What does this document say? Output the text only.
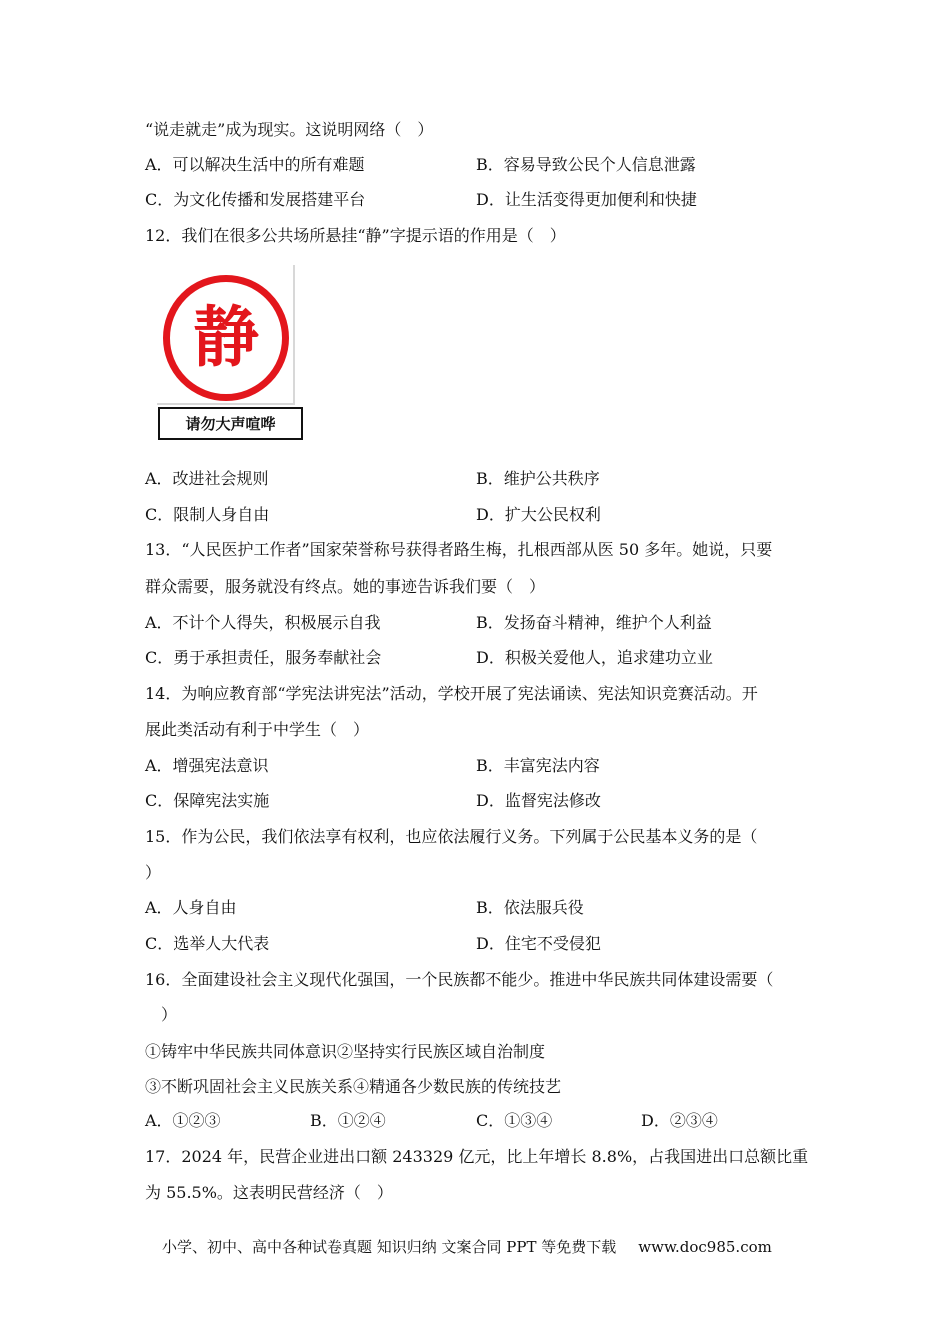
“说走就走”成为现实。这说明网络（　）
A．可以解决生活中的所有难题	B．容易导致公民个人信息泄露
C．为文化传播和发展搭建平台	D．让生活变得更加便利和快捷
12．我们在很多公共场所悬挂“静”字提示语的作用是（　）
静
请勿大声喧哗
A．改进社会规则	B．维护公共秩序
C．限制人身自由	D．扩大公民权利
13．“人民医护工作者”国家荣誉称号获得者路生梅，扎根西部从医 50 多年。她说，只要
群众需要，服务就没有终点。她的事迹告诉我们要（　）
A．不计个人得失，积极展示自我	B．发扬奋斗精神，维护个人利益
C．勇于承担责任，服务奉献社会	D．积极关爱他人，追求建功立业
14．为响应教育部“学宪法讲宪法”活动，学校开展了宪法诵读、宪法知识竞赛活动。开
展此类活动有利于中学生（　）
A．增强宪法意识	B．丰富宪法内容
C．保障宪法实施	D．监督宪法修改
15．作为公民，我们依法享有权利，也应依法履行义务。下列属于公民基本义务的是（
）
A．人身自由	B．依法服兵役
C．选举人大代表	D．住宅不受侵犯
16．全面建设社会主义现代化强国，一个民族都不能少。推进中华民族共同体建设需要（
　）
①铸牢中华民族共同体意识②坚持实行民族区域自治制度
③不断巩固社会主义民族关系④精通各少数民族的传统技艺
A．①②③	B．①②④	C．①③④	D．②③④
17．2024 年，民营企业进出口额 243329 亿元，比上年增长 8.8%，占我国进出口总额比重
为 55.5%。这表明民营经济（　）
小学、初中、高中各种试卷真题 知识归纳 文案合同 PPT 等免费下载 www.doc985.com
